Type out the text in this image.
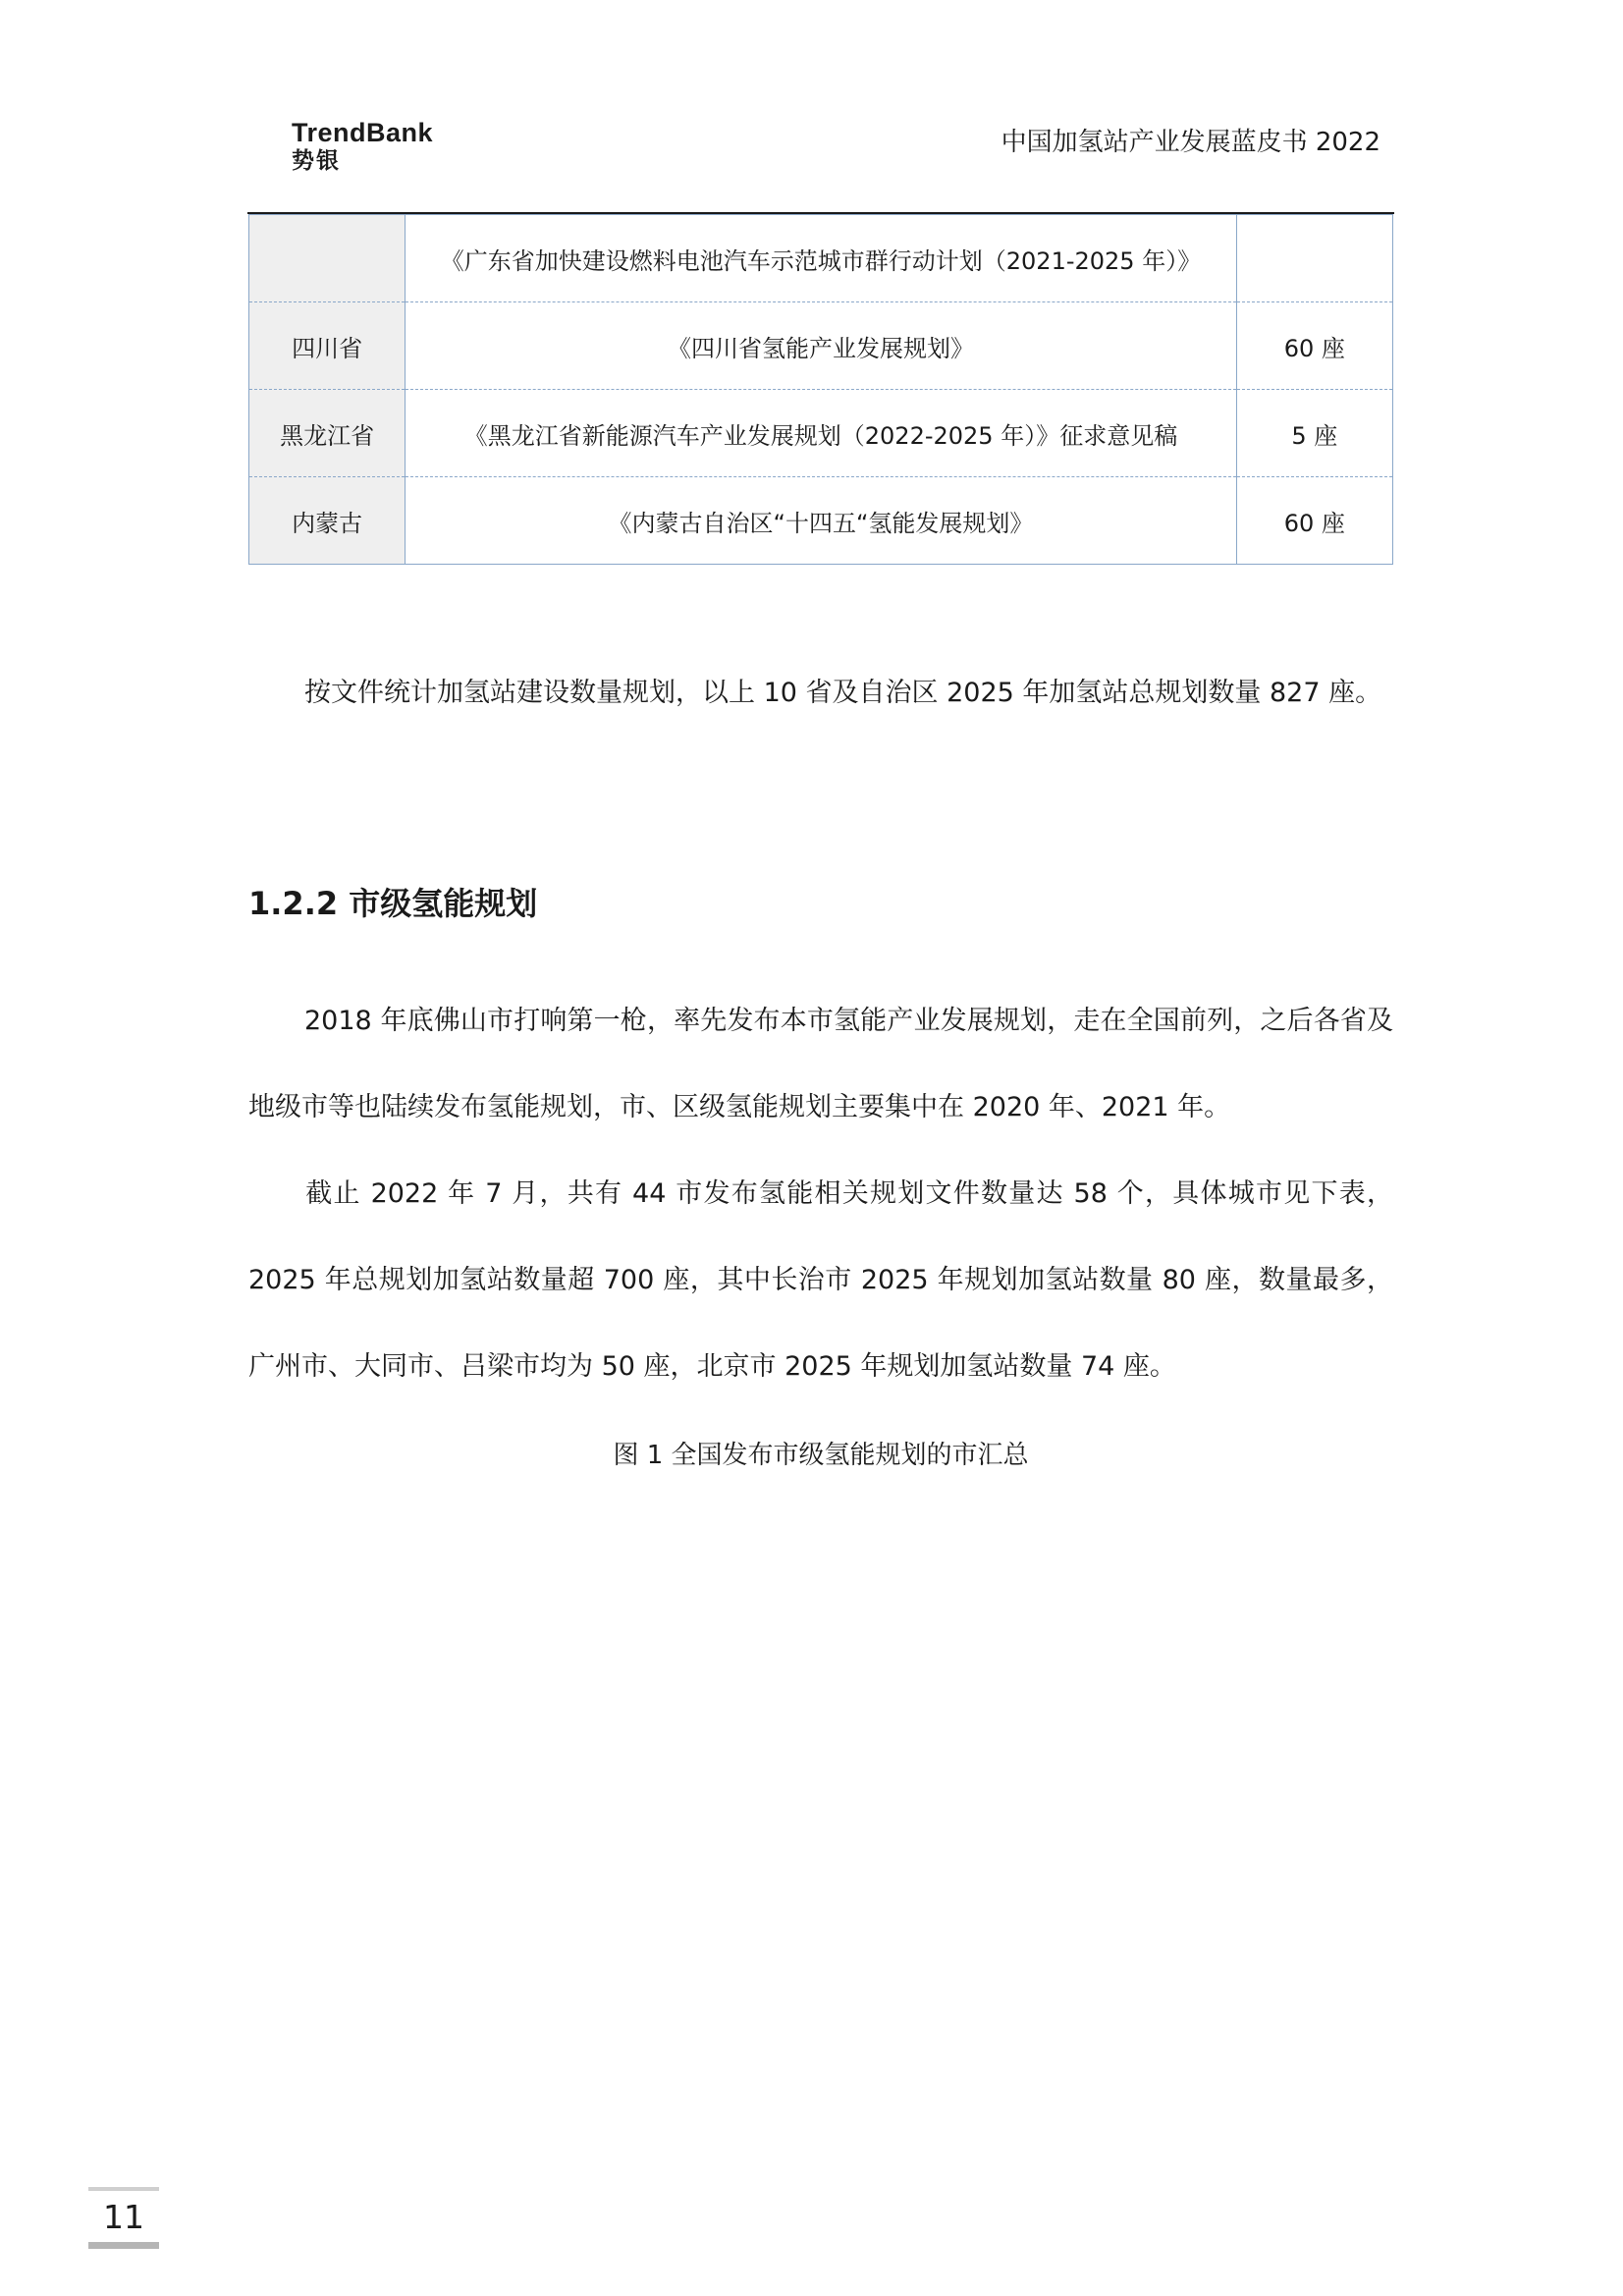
TrendBank
势银
中国加氢站产业发展蓝皮书 2022
	《广东省加快建设燃料电池汽车示范城市群行动计划（2021-2025 年）》	
四川省	《四川省氢能产业发展规划》	60 座
黑龙江省	《黑龙江省新能源汽车产业发展规划（2022-2025 年）》征求意见稿	5 座
内蒙古	《内蒙古自治区“十四五“氢能发展规划》	60 座
按文件统计加氢站建设数量规划，以上 10 省及自治区 2025 年加氢站总规划数量 827 座。
1.2.2 市级氢能规划
2018 年底佛山市打响第一枪，率先发布本市氢能产业发展规划，走在全国前列，之后各省及地级市等也陆续发布氢能规划，市、区级氢能规划主要集中在 2020 年、2021 年。
截止 2022 年 7 月，共有 44 市发布氢能相关规划文件数量达 58 个，具体城市见下表，2025 年总规划加氢站数量超 700 座，其中长治市 2025 年规划加氢站数量 80 座，数量最多，广州市、大同市、吕梁市均为 50 座，北京市 2025 年规划加氢站数量 74 座。
图 1 全国发布市级氢能规划的市汇总
11
